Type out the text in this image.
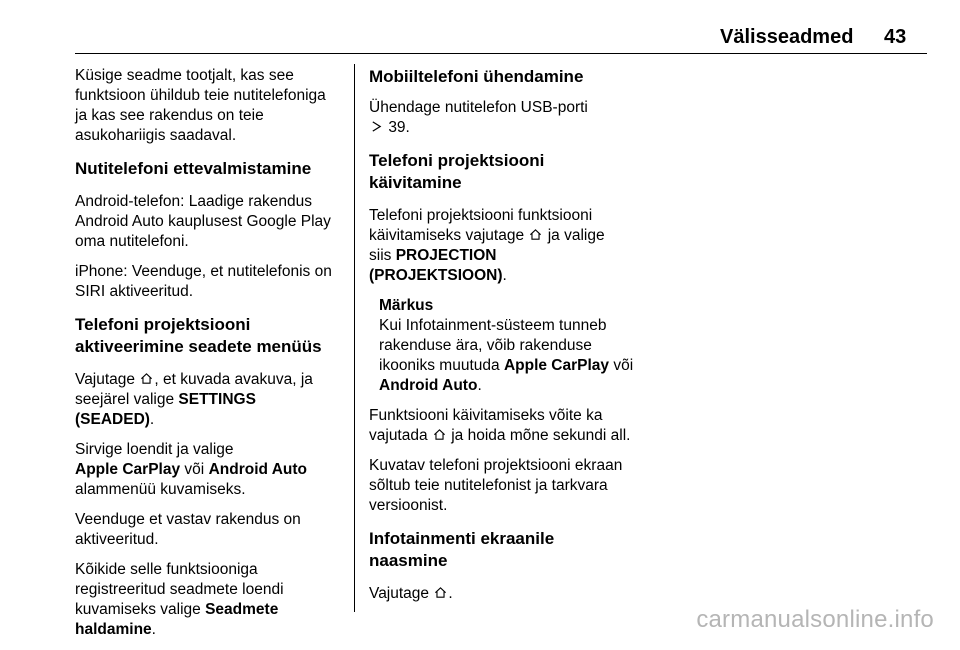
Välisseadmed 43

Küsige seadme tootjalt, kas see
funktsioon ühildub teie nutitelefoniga
ja kas see rakendus on teie
asukohariigis saadaval.

Nutitelefoni ettevalmistamine

Android-telefon: Laadige rakendus
Android Auto kauplusest Google Play
oma nutitelefoni.

iPhone: Veenduge, et nutitelefonis on
SIRI aktiveeritud.

Telefoni projektsiooni
aktiveerimine seadete menüüs

Vajutage , et kuvada avakuva, ja
seejärel valige SETTINGS
(SEADED).

Sirvige loendit ja valige
Apple CarPlay või Android Auto
alammenüü kuvamiseks.

Veenduge et vastav rakendus on
aktiveeritud.

Kõikide selle funktsiooniga
registreeritud seadmete loendi
kuvamiseks valige Seadmete
haldamine.

Mobiiltelefoni ühendamine

Ühendage nutitelefon USB-porti
39.

Telefoni projektsiooni käivitamine

Telefoni projektsiooni funktsiooni
käivitamiseks vajutage ja valige
siis PROJECTION
(PROJEKTSIOON).

Märkus
Kui Infotainment-süsteem tunneb
rakenduse ära, võib rakenduse
ikooniks muutuda Apple CarPlay või
Android Auto.

Funktsiooni käivitamiseks võite ka
vajutada ja hoida mõne sekundi all.

Kuvatav telefoni projektsiooni ekraan
sõltub teie nutitelefonist ja tarkvara
versioonist.

Infotainmenti ekraanile naasmine

Vajutage .

carmanualsonline.info
